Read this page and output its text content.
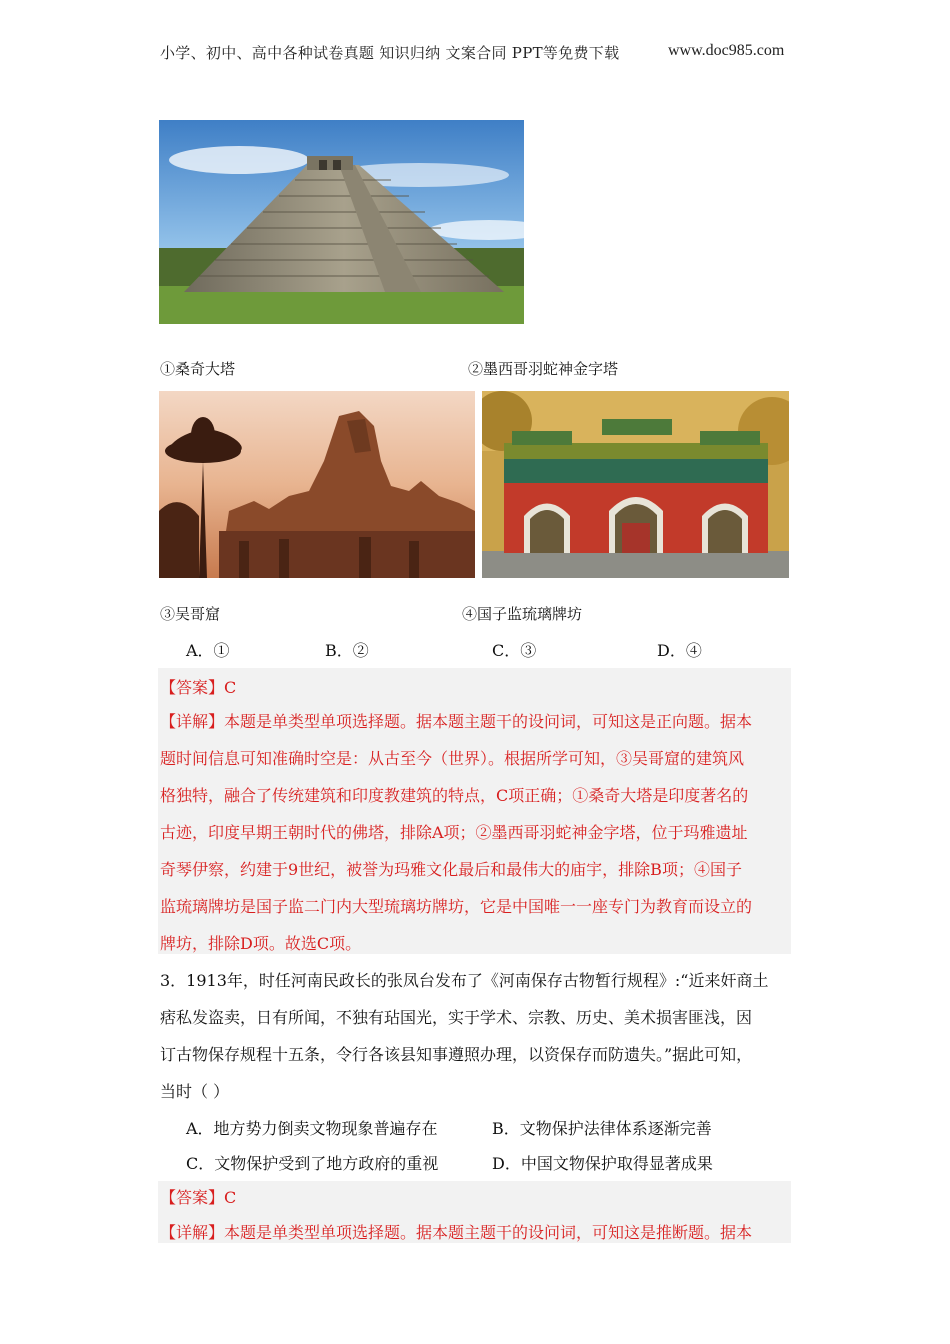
小学、初中、高中各种试卷真题 知识归纳 文案合同 PPT等免费下载	www.doc985.com
①桑奇大塔	②墨西哥羽蛇神金字塔
③吴哥窟	④国子监琉璃牌坊
A．①	B．②	C．③	D．④
【答案】C
【详解】本题是单类型单项选择题。据本题主题干的设问词，可知这是正向题。据本
题时间信息可知准确时空是：从古至今（世界）。根据所学可知，③吴哥窟的建筑风
格独特，融合了传统建筑和印度教建筑的特点，C项正确；①桑奇大塔是印度著名的
古迹，印度早期王朝时代的佛塔，排除A项；②墨西哥羽蛇神金字塔，位于玛雅遗址
奇琴伊察，约建于9世纪，被誉为玛雅文化最后和最伟大的庙宇，排除B项；④国子
监琉璃牌坊是国子监二门内大型琉璃坊牌坊，它是中国唯一一座专门为教育而设立的
牌坊，排除D项。故选C项。
3．1913年，时任河南民政长的张凤台发布了《河南保存古物暂行规程》:“近来奸商土
痞私发盗卖，日有所闻，不独有玷国光，实于学术、宗教、历史、美术损害匪浅，因
订古物保存规程十五条，令行各该县知事遵照办理，以资保存而防遗失。”据此可知，
当时（ ）
A．地方势力倒卖文物现象普遍存在	B．文物保护法律体系逐渐完善
C．文物保护受到了地方政府的重视	D．中国文物保护取得显著成果
【答案】C
【详解】本题是单类型单项选择题。据本题主题干的设问词，可知这是推断题。据本
